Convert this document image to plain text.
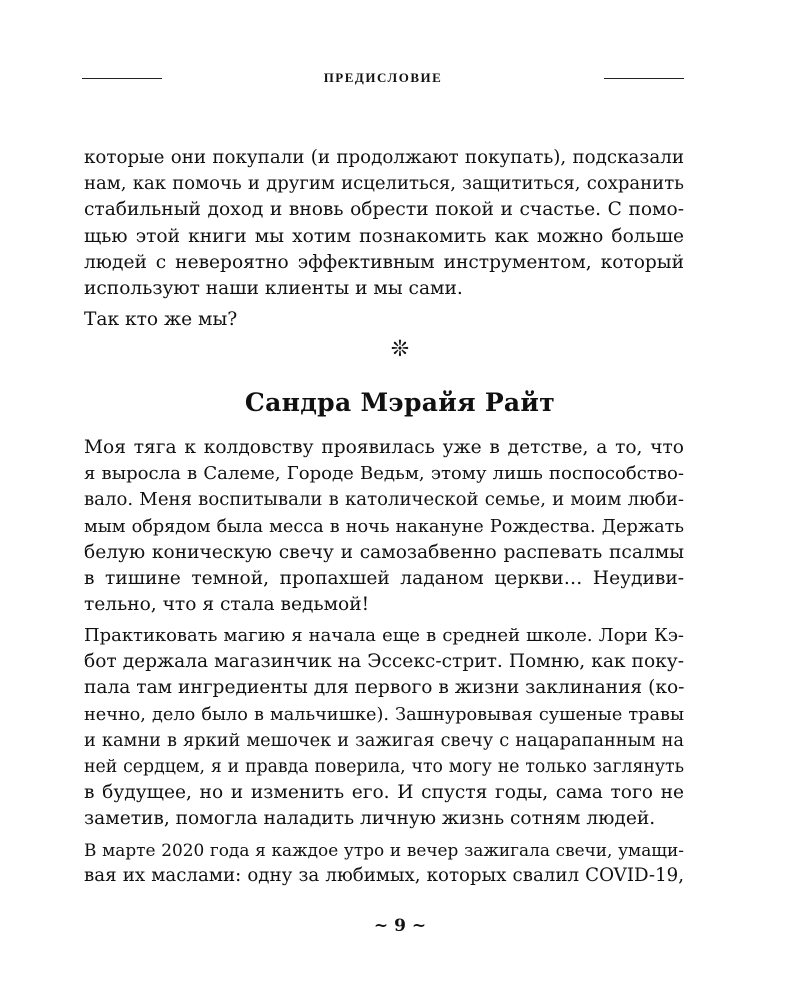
ПРЕДИСЛОВИЕ

которые они покупали (и продолжают покупать), подсказали
нам, как помочь и другим исцелиться, защититься, сохранить
стабильный доход и вновь обрести покой и счастье. С помо-
щью этой книги мы хотим познакомить как можно больше
людей с невероятно эффективным инструментом, который
используют наши клиенты и мы сами.

Так кто же мы?

❊
Сандра Мэрайя Райт

Моя тяга к колдовству проявилась уже в детстве, а то, что
я выросла в Салеме, Городе Ведьм, этому лишь поспособство-
вало. Меня воспитывали в католической семье, и моим люби-
мым обрядом была месса в ночь накануне Рождества. Держать
белую коническую свечу и самозабвенно распевать псалмы
в тишине темной, пропахшей ладаном церкви… Неудиви-
тельно, что я стала ведьмой!

Практиковать магию я начала еще в средней школе. Лори Кэ-
бот держала магазинчик на Эссекс-стрит. Помню, как поку-
пала там ингредиенты для первого в жизни заклинания (ко-
нечно, дело было в мальчишке). Зашнуровывая сушеные травы
и камни в яркий мешочек и зажигая свечу с нацарапанным на
ней сердцем, я и правда поверила, что могу не только заглянуть
в будущее, но и изменить его. И спустя годы, сама того не
заметив, помогла наладить личную жизнь сотням людей.

В марте 2020 года я каждое утро и вечер зажигала свечи, умащи-
вая их маслами: одну за любимых, которых свалил COVID-19,

~ 9 ~
